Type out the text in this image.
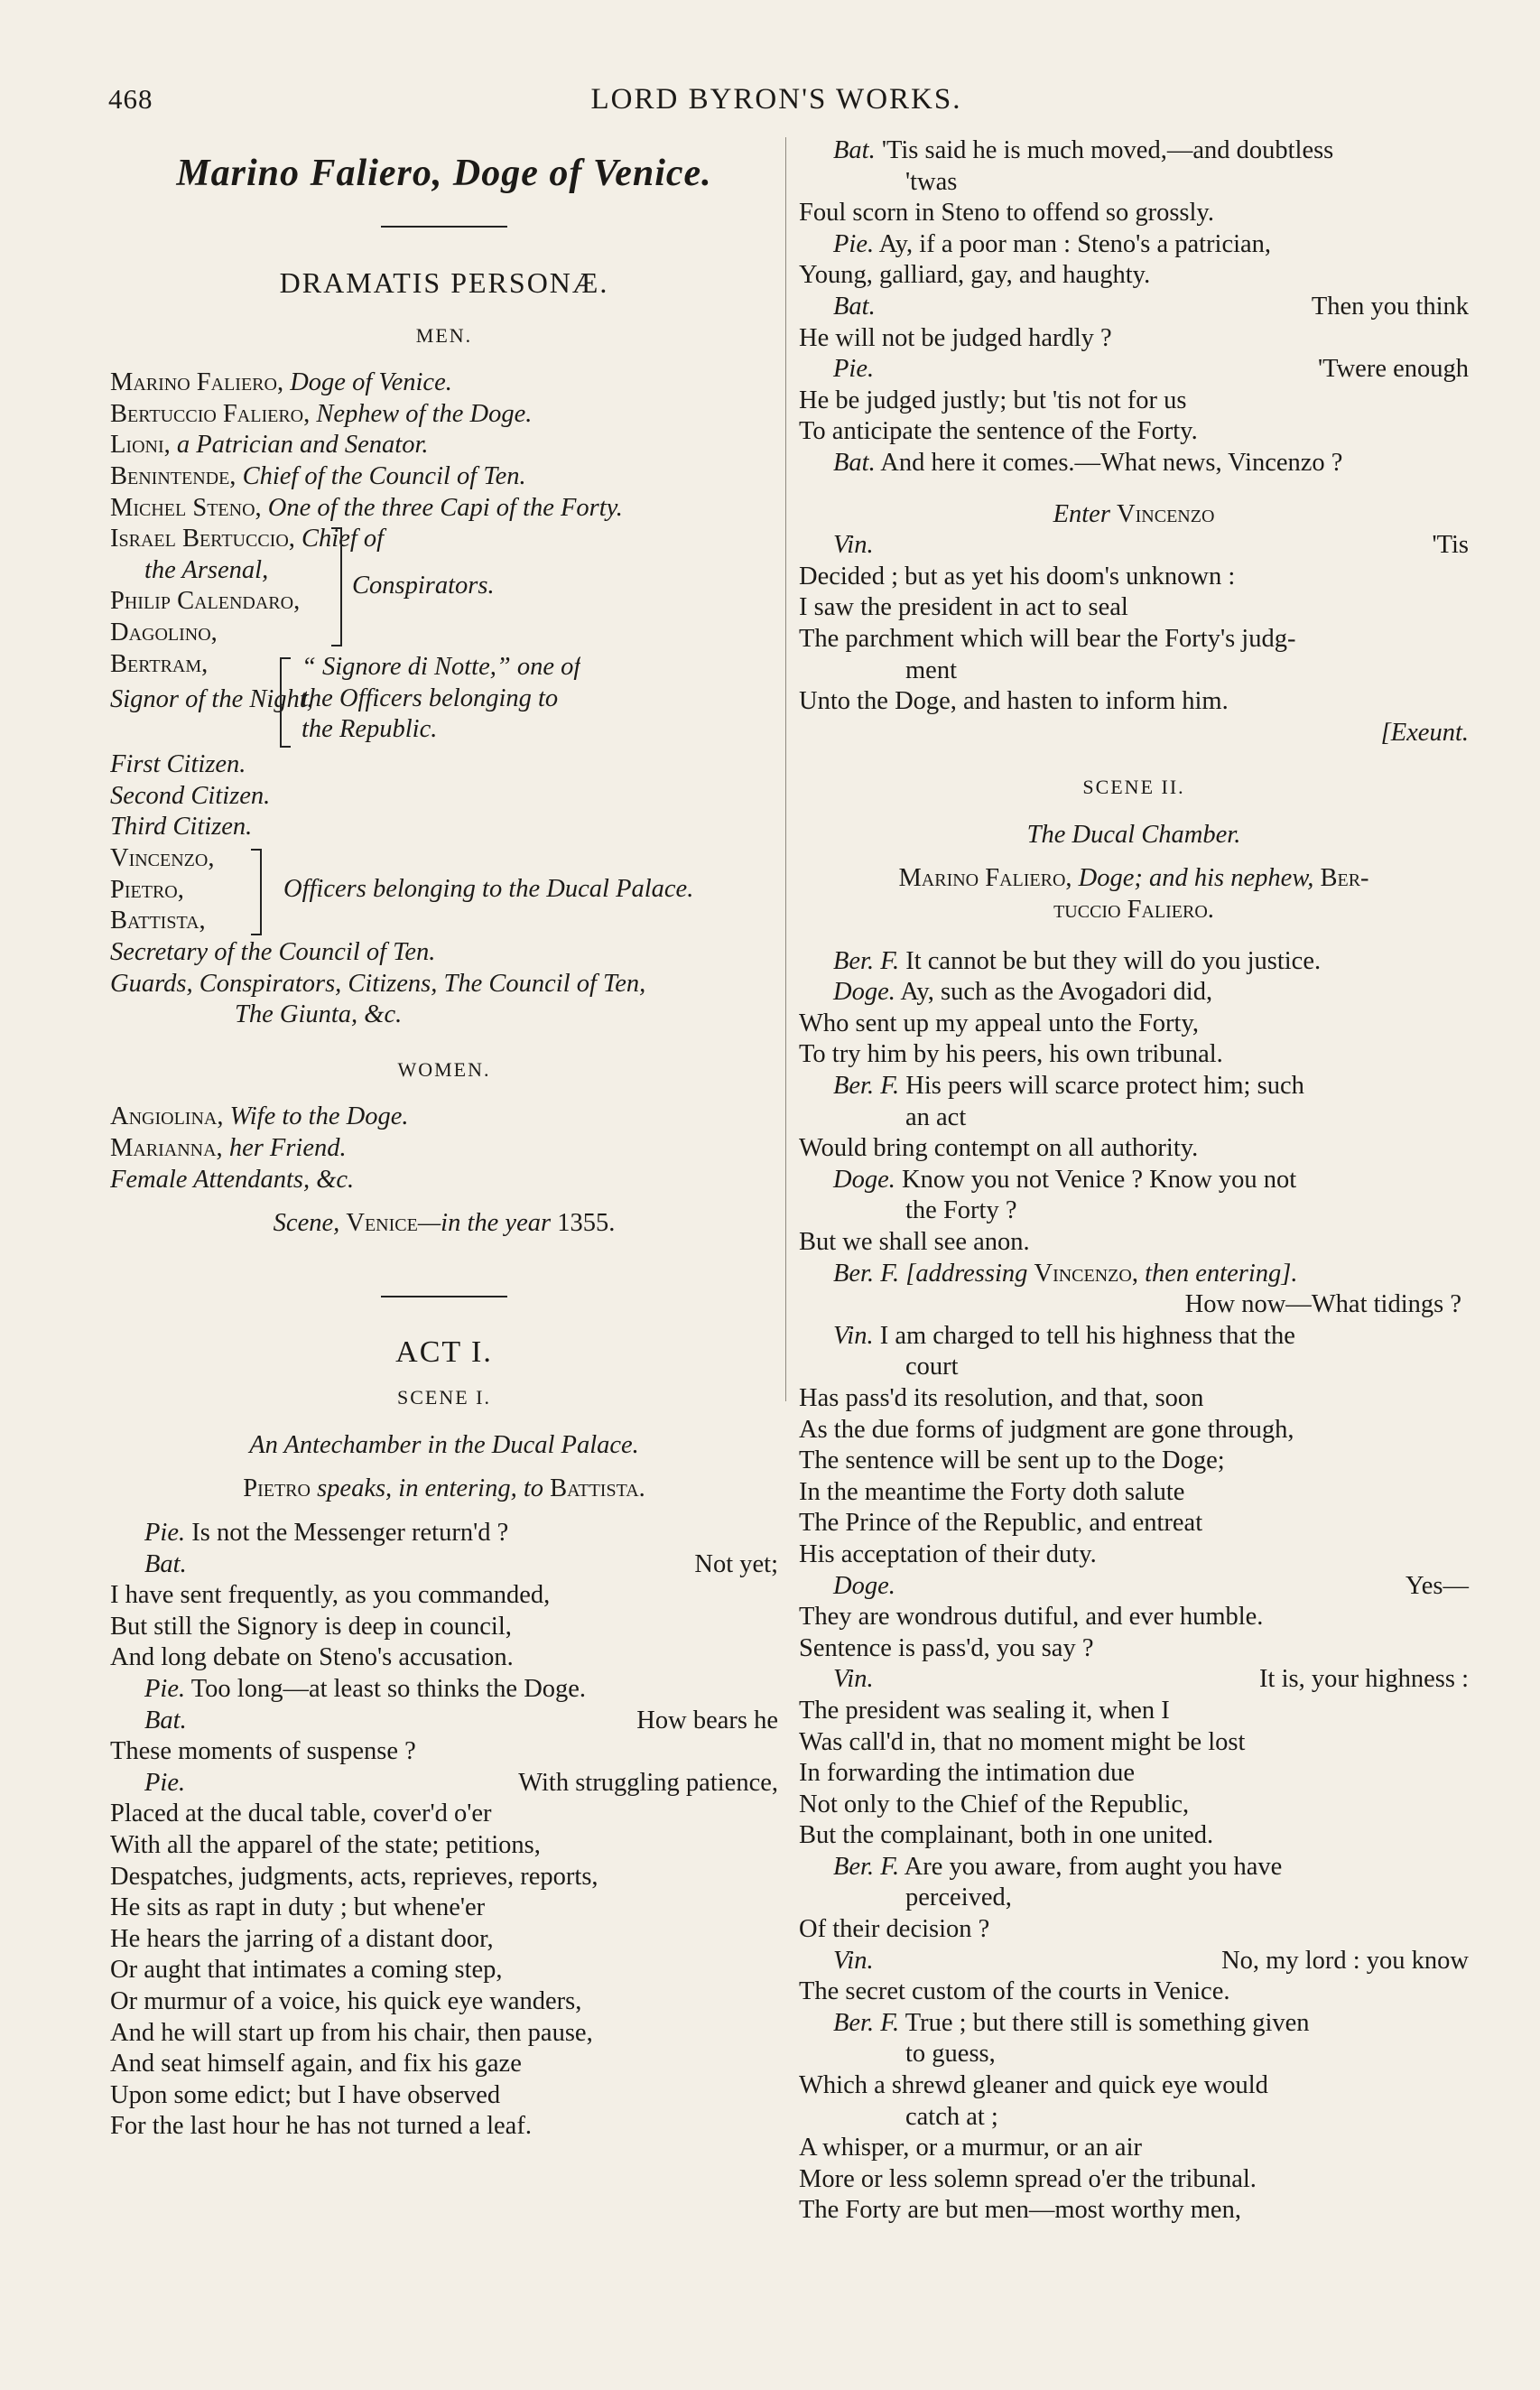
468	LORD BYRON'S WORKS.
Marino Faliero, Doge of Venice.
DRAMATIS PERSONÆ.
MEN.
Marino Faliero, Doge of Venice.
Bertuccio Faliero, Nephew of the Doge.
Lioni, a Patrician and Senator.
Benintende, Chief of the Council of Ten.
Michel Steno, One of the three Capi of the Forty.
Israel Bertuccio, Chief of
the Arsenal,
Philip Calendaro,
Dagolino,
Bertram,
Conspirators.
Signor of the Night,
“ Signore di Notte,” one of
the Officers belonging to
the Republic.
First Citizen.
Second Citizen.
Third Citizen.
Vincenzo,
Pietro,
Battista,
Officers belonging to the Ducal Palace.
Secretary of the Council of Ten.
Guards, Conspirators, Citizens, The Council of Ten,
The Giunta, &c.
WOMEN.
Angiolina, Wife to the Doge.
Marianna, her Friend.
Female Attendants, &c.
Scene, Venice—in the year 1355.
ACT I.
SCENE I.
An Antechamber in the Ducal Palace.
Pietro speaks, in entering, to Battista.
Pie. Is not the Messenger return'd ?
Bat.	Not yet;
I have sent frequently, as you commanded,
But still the Signory is deep in council,
And long debate on Steno's accusation.
Pie. Too long—at least so thinks the Doge.
Bat.	How bears he
These moments of suspense ?
Pie.	With struggling patience,
Placed at the ducal table, cover'd o'er
With all the apparel of the state; petitions,
Despatches, judgments, acts, reprieves, reports,
He sits as rapt in duty ; but whene'er
He hears the jarring of a distant door,
Or aught that intimates a coming step,
Or murmur of a voice, his quick eye wanders,
And he will start up from his chair, then pause,
And seat himself again, and fix his gaze
Upon some edict; but I have observed
For the last hour he has not turned a leaf.
Bat. 'Tis said he is much moved,—and doubtless
'twas
Foul scorn in Steno to offend so grossly.
Pie. Ay, if a poor man : Steno's a patrician,
Young, galliard, gay, and haughty.
Bat.	Then you think
He will not be judged hardly ?
Pie.	'Twere enough
He be judged justly; but 'tis not for us
To anticipate the sentence of the Forty.
Bat. And here it comes.—What news, Vincenzo ?
Enter Vincenzo
Vin.	'Tis
Decided ; but as yet his doom's unknown :
I saw the president in act to seal
The parchment which will bear the Forty's judg-
ment
Unto the Doge, and hasten to inform him.
[Exeunt.
SCENE II.
The Ducal Chamber.
Marino Faliero, Doge; and his nephew, Ber-
tuccio Faliero.
Ber. F. It cannot be but they will do you justice.
Doge. Ay, such as the Avogadori did,
Who sent up my appeal unto the Forty,
To try him by his peers, his own tribunal.
Ber. F. His peers will scarce protect him; such
an act
Would bring contempt on all authority.
Doge. Know you not Venice ? Know you not
the Forty ?
But we shall see anon.
Ber. F. [addressing Vincenzo, then entering].
How now—What tidings ?
Vin. I am charged to tell his highness that the
court
Has pass'd its resolution, and that, soon
As the due forms of judgment are gone through,
The sentence will be sent up to the Doge;
In the meantime the Forty doth salute
The Prince of the Republic, and entreat
His acceptation of their duty.
Doge.	Yes—
They are wondrous dutiful, and ever humble.
Sentence is pass'd, you say ?
Vin.	It is, your highness :
The president was sealing it, when I
Was call'd in, that no moment might be lost
In forwarding the intimation due
Not only to the Chief of the Republic,
But the complainant, both in one united.
Ber. F. Are you aware, from aught you have
perceived,
Of their decision ?
Vin.	No, my lord : you know
The secret custom of the courts in Venice.
Ber. F. True ; but there still is something given
to guess,
Which a shrewd gleaner and quick eye would
catch at ;
A whisper, or a murmur, or an air
More or less solemn spread o'er the tribunal.
The Forty are but men—most worthy men,
